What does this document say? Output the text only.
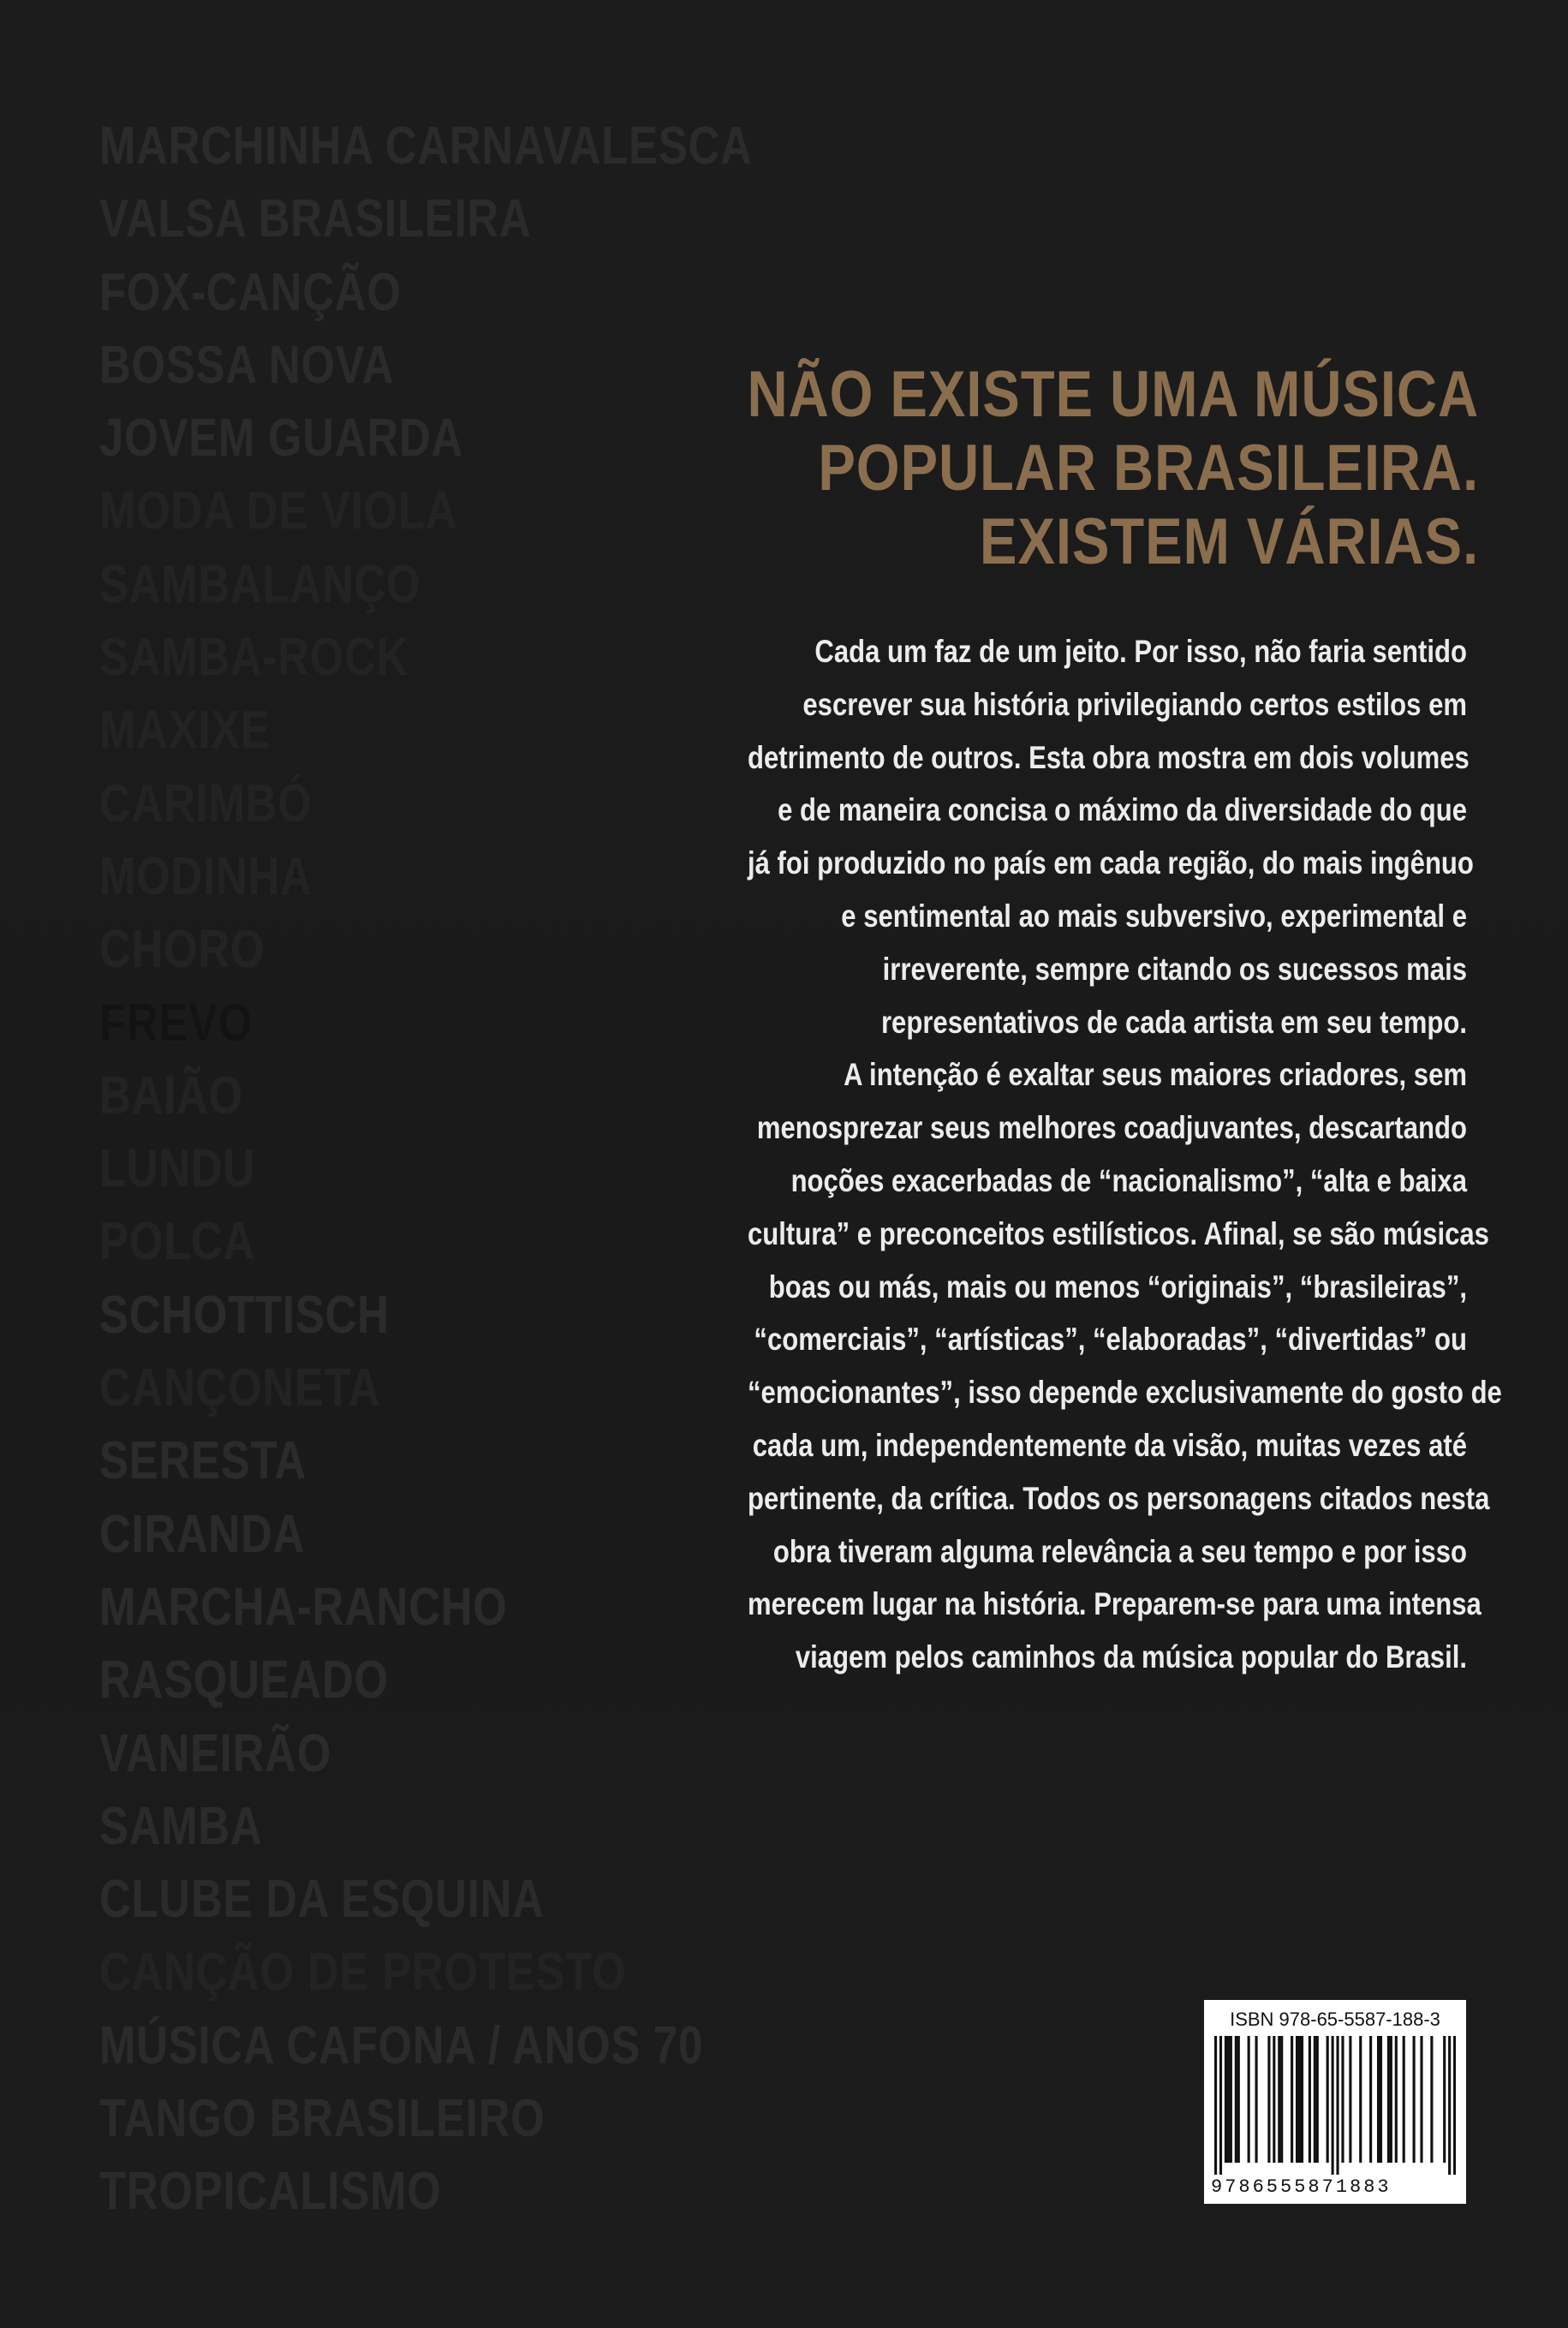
MARCHINHA CARNAVALESCA
VALSA BRASILEIRA
FOX-CANÇÃO
BOSSA NOVA
JOVEM GUARDA
MODA DE VIOLA
SAMBALANÇO
SAMBA-ROCK
MAXIXE
CARIMBÓ
MODINHA
CHORO
FREVO
BAIÃO
LUNDU
POLCA
SCHOTTISCH
CANÇONETA
SERESTA
CIRANDA
MARCHA-RANCHO
RASQUEADO
VANEIRÃO
SAMBA
CLUBE DA ESQUINA
CANÇÃO DE PROTESTO
MÚSICA CAFONA / ANOS 70
TANGO BRASILEIRO
TROPICALISMO
NÃO EXISTE UMA MÚSICA
POPULAR BRASILEIRA.
EXISTEM VÁRIAS.
Cada um faz de um jeito. Por isso, não faria sentido
escrever sua história privilegiando certos estilos em
detrimento de outros. Esta obra mostra em dois volumes
e de maneira concisa o máximo da diversidade do que
já foi produzido no país em cada região, do mais ingênuo
e sentimental ao mais subversivo, experimental e
irreverente, sempre citando os sucessos mais
representativos de cada artista em seu tempo.
A intenção é exaltar seus maiores criadores, sem
menosprezar seus melhores coadjuvantes, descartando
noções exacerbadas de “nacionalismo”, “alta e baixa
cultura” e preconceitos estilísticos. Afinal, se são músicas
boas ou más, mais ou menos “originais”, “brasileiras”,
“comerciais”, “artísticas”, “elaboradas”, “divertidas” ou
“emocionantes”, isso depende exclusivamente do gosto de
cada um, independentemente da visão, muitas vezes até
pertinente, da crítica. Todos os personagens citados nesta
obra tiveram alguma relevância a seu tempo e por isso
merecem lugar na história. Preparem-se para uma intensa
viagem pelos caminhos da música popular do Brasil.
ISBN 978-65-5587-188-3
9786555871883
